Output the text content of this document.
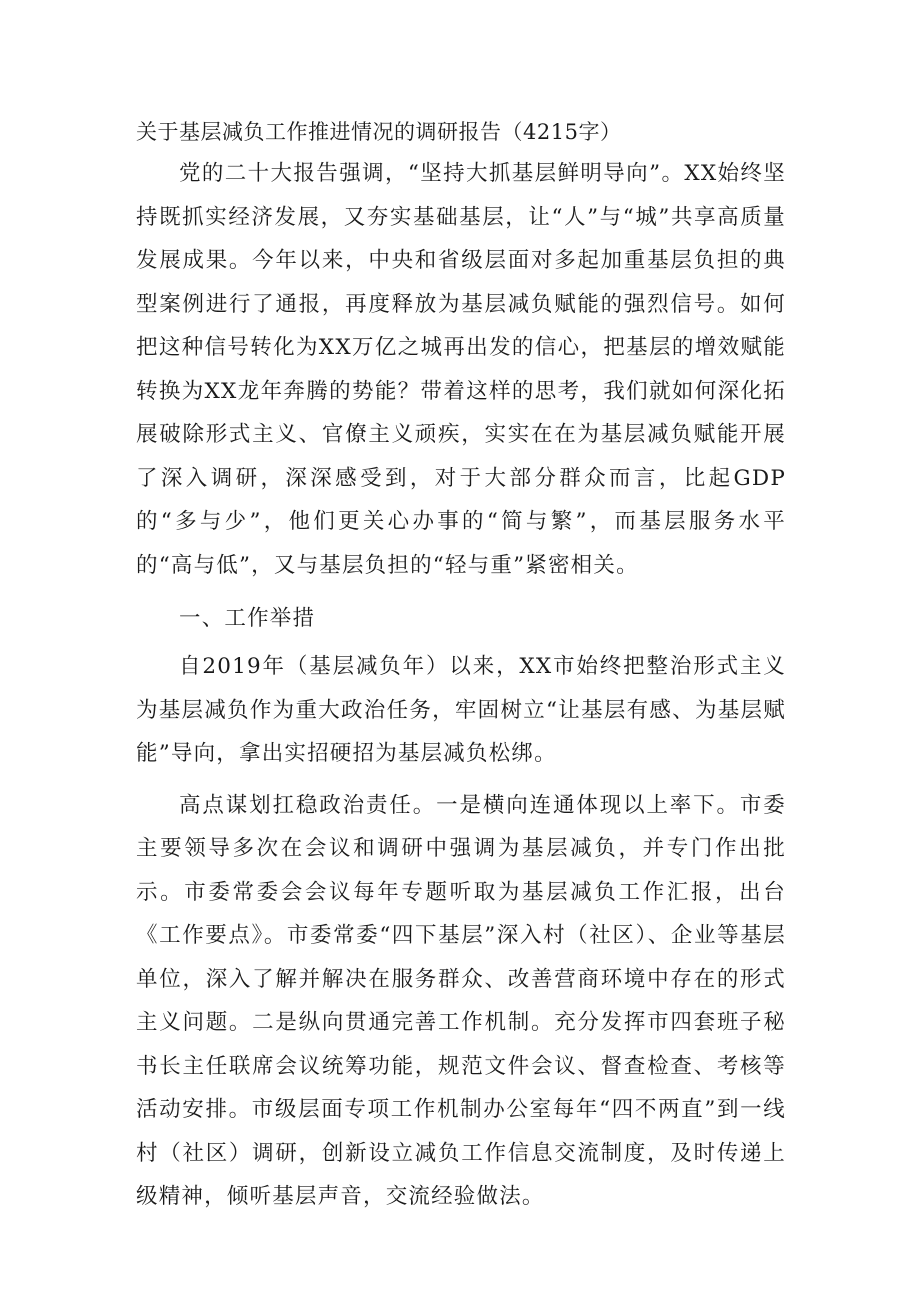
关于基层减负工作推进情况的调研报告（4215字）

党的二十大报告强调，“坚持大抓基层鲜明导向”。XX始终坚持既抓实经济发展，又夯实基础基层，让“人”与“城”共享高质量发展成果。今年以来，中央和省级层面对多起加重基层负担的典型案例进行了通报，再度释放为基层减负赋能的强烈信号。如何把这种信号转化为XX万亿之城再出发的信心，把基层的增效赋能转换为XX龙年奔腾的势能？带着这样的思考，我们就如何深化拓展破除形式主义、官僚主义顽疾，实实在在为基层减负赋能开展了深入调研，深深感受到，对于大部分群众而言，比起GDP的“多与少”，他们更关心办事的“简与繁”，而基层服务水平的“高与低”，又与基层负担的“轻与重”紧密相关。

一、工作举措

自2019年（基层减负年）以来，XX市始终把整治形式主义为基层减负作为重大政治任务，牢固树立“让基层有感、为基层赋能”导向，拿出实招硬招为基层减负松绑。

高点谋划扛稳政治责任。一是横向连通体现以上率下。市委主要领导多次在会议和调研中强调为基层减负，并专门作出批示。市委常委会会议每年专题听取为基层减负工作汇报，出台《工作要点》。市委常委“四下基层”深入村（社区）、企业等基层单位，深入了解并解决在服务群众、改善营商环境中存在的形式主义问题。二是纵向贯通完善工作机制。充分发挥市四套班子秘书长主任联席会议统筹功能，规范文件会议、督查检查、考核等活动安排。市级层面专项工作机制办公室每年“四不两直”到一线村（社区）调研，创新设立减负工作信息交流制度，及时传递上级精神，倾听基层声音，交流经验做法。
